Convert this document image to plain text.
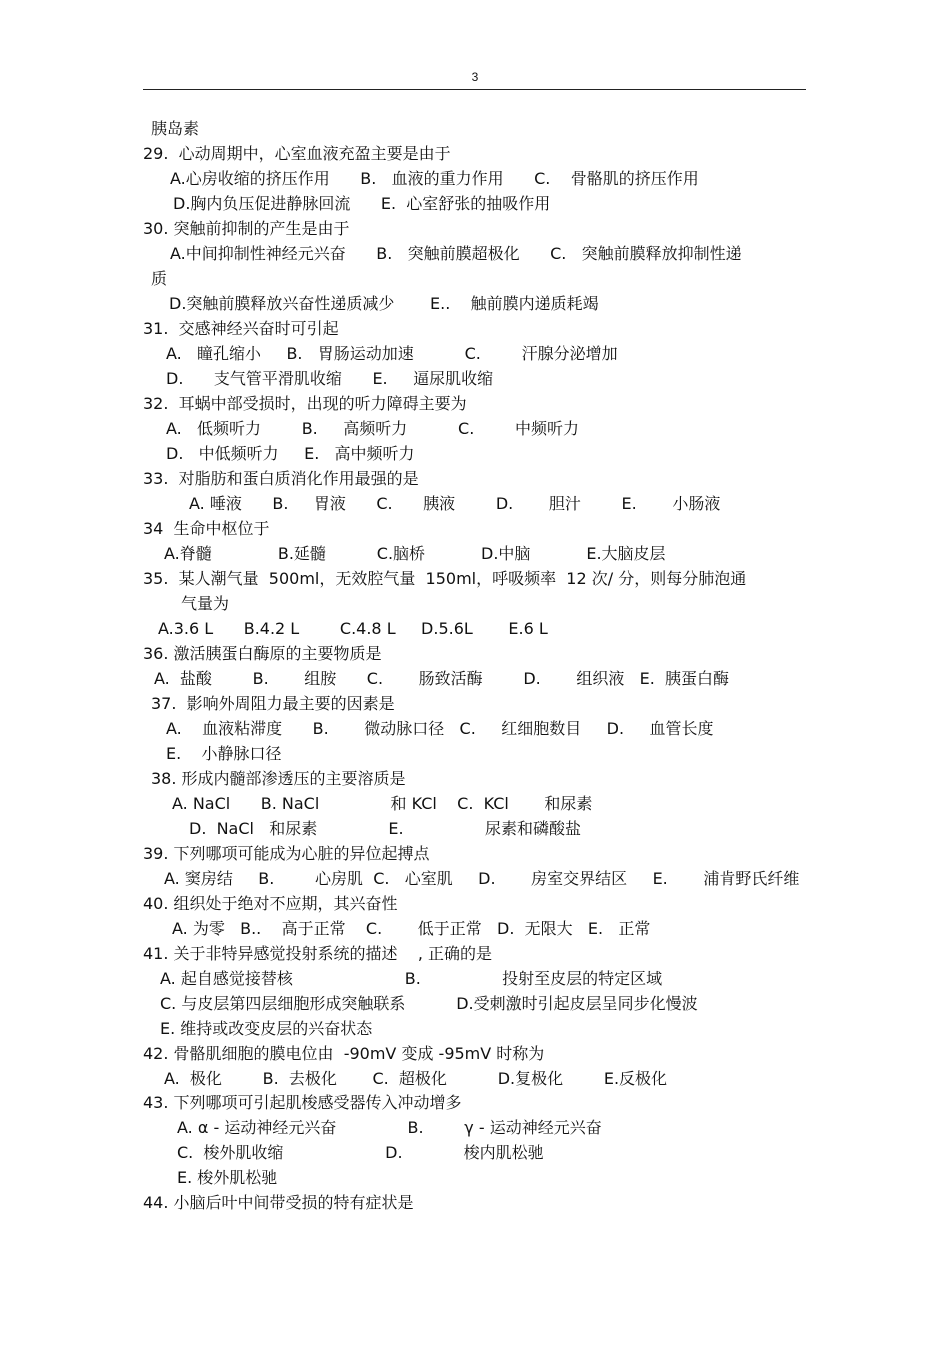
3
胰岛素
29.  心动周期中，心室血液充盈主要是由于
A.心房收缩的挤压作用      B.   血液的重力作用      C.    骨骼肌的挤压作用
D.胸内负压促进静脉回流      E.  心室舒张的抽吸作用
30. 突触前抑制的产生是由于
A.中间抑制性神经元兴奋      B.   突触前膜超极化      C.   突触前膜释放抑制性递
质
D.突触前膜释放兴奋性递质减少       E..    触前膜内递质耗竭
31.  交感神经兴奋时可引起
A.   瞳孔缩小     B.   胃肠运动加速          C.        汗腺分泌增加
D.      支气管平滑肌收缩      E.     逼尿肌收缩
32.  耳蜗中部受损时，出现的听力障碍主要为
A.   低频听力        B.     高频听力          C.        中频听力
D.   中低频听力     E.   高中频听力
33.  对脂肪和蛋白质消化作用最强的是
A. 唾液      B.     胃液      C.      胰液        D.       胆汁        E.       小肠液
34  生命中枢位于
A.脊髓             B.延髓          C.脑桥           D.中脑           E.大脑皮层
35.  某人潮气量  500ml，无效腔气量  150ml，呼吸频率  12 次/ 分，则每分肺泡通
气量为
A.3.6 L      B.4.2 L        C.4.8 L     D.5.6L       E.6 L
36. 激活胰蛋白酶原的主要物质是
A.  盐酸        B.       组胺      C.       肠致活酶        D.       组织液   E.  胰蛋白酶
37.  影响外周阻力最主要的因素是
A.    血液粘滞度      B.       微动脉口径   C.     红细胞数目     D.     血管长度
E.    小静脉口径
38. 形成内髓部渗透压的主要溶质是
A. NaCl      B. NaCl              和 KCl    C.  KCl       和尿素
D.  NaCl   和尿素              E.                尿素和磷酸盐
39. 下列哪项可能成为心脏的异位起搏点
A. 窦房结     B.        心房肌  C.   心室肌     D.       房室交界结区     E.       浦肯野氏纤维
40. 组织处于绝对不应期，其兴奋性
A. 为零   B..    高于正常    C.       低于正常   D.  无限大   E.   正常
41. 关于非特异感觉投射系统的描述    , 正确的是
A. 起自感觉接替核                      B.                投射至皮层的特定区域
C. 与皮层第四层细胞形成突触联系          D.受刺激时引起皮层呈同步化慢波
E. 维持或改变皮层的兴奋状态
42. 骨骼肌细胞的膜电位由  -90mV 变成 -95mV 时称为
A.  极化        B.  去极化       C.  超极化          D.复极化        E.反极化
43. 下列哪项可引起肌梭感受器传入冲动增多
A. α - 运动神经元兴奋              B.        γ - 运动神经元兴奋
C.  梭外肌收缩                    D.            梭内肌松驰
E. 梭外肌松驰
44. 小脑后叶中间带受损的特有症状是
